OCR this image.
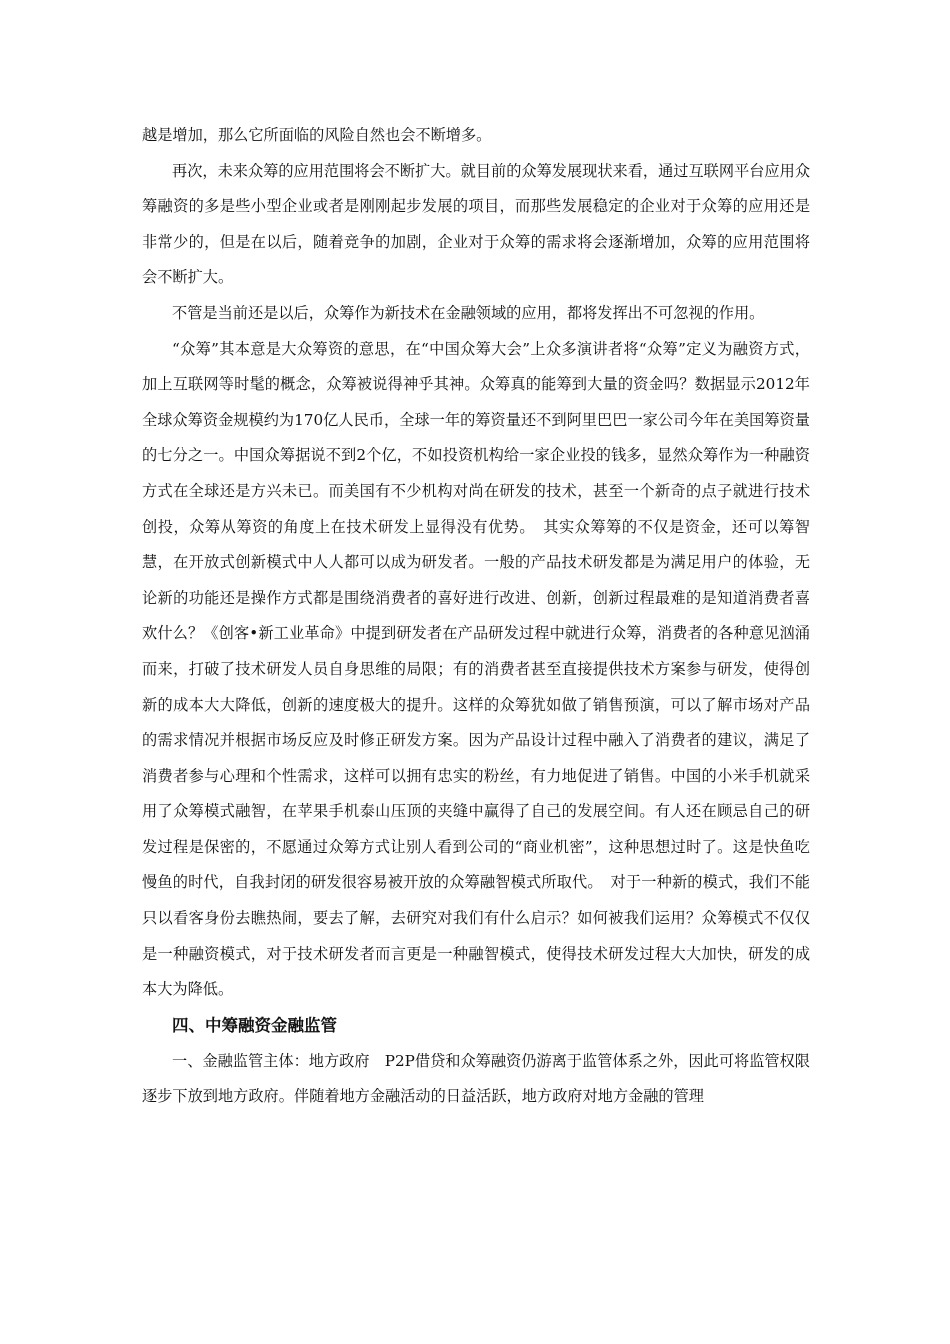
越是增加，那么它所面临的风险自然也会不断增多。

再次，未来众筹的应用范围将会不断扩大。就目前的众筹发展现状来看，通过互联网平台应用众筹融资的多是些小型企业或者是刚刚起步发展的项目，而那些发展稳定的企业对于众筹的应用还是非常少的，但是在以后，随着竞争的加剧，企业对于众筹的需求将会逐渐增加，众筹的应用范围将会不断扩大。

不管是当前还是以后，众筹作为新技术在金融领域的应用，都将发挥出不可忽视的作用。

“众筹”其本意是大众筹资的意思，在“中国众筹大会”上众多演讲者将“众筹”定义为融资方式，加上互联网等时髦的概念，众筹被说得神乎其神。众筹真的能筹到大量的资金吗？数据显示2012年全球众筹资金规模约为170亿人民币，全球一年的筹资量还不到阿里巴巴一家公司今年在美国筹资量的七分之一。中国众筹据说不到2个亿，不如投资机构给一家企业投的钱多，显然众筹作为一种融资方式在全球还是方兴未已。而美国有不少机构对尚在研发的技术，甚至一个新奇的点子就进行技术创投，众筹从筹资的角度上在技术研发上显得没有优势。　其实众筹筹的不仅是资金，还可以筹智慧，在开放式创新模式中人人都可以成为研发者。一般的产品技术研发都是为满足用户的体验，无论新的功能还是操作方式都是围绕消费者的喜好进行改进、创新，创新过程最难的是知道消费者喜欢什么？《创客•新工业革命》中提到研发者在产品研发过程中就进行众筹，消费者的各种意见汹涌而来，打破了技术研发人员自身思维的局限；有的消费者甚至直接提供技术方案参与研发，使得创新的成本大大降低，创新的速度极大的提升。这样的众筹犹如做了销售预演，可以了解市场对产品的需求情况并根据市场反应及时修正研发方案。因为产品设计过程中融入了消费者的建议，满足了消费者参与心理和个性需求，这样可以拥有忠实的粉丝，有力地促进了销售。中国的小米手机就采用了众筹模式融智，在苹果手机泰山压顶的夹缝中赢得了自己的发展空间。有人还在顾忌自己的研发过程是保密的，不愿通过众筹方式让别人看到公司的“商业机密”，这种思想过时了。这是快鱼吃慢鱼的时代，自我封闭的研发很容易被开放的众筹融智模式所取代。　对于一种新的模式，我们不能只以看客身份去瞧热闹，要去了解，去研究对我们有什么启示？如何被我们运用？众筹模式不仅仅是一种融资模式，对于技术研发者而言更是一种融智模式，使得技术研发过程大大加快，研发的成本大为降低。

四、中筹融资金融监管

一、金融监管主体：地方政府　P2P借贷和众筹融资仍游离于监管体系之外，因此可将监管权限逐步下放到地方政府。伴随着地方金融活动的日益活跃，地方政府对地方金融的管理
